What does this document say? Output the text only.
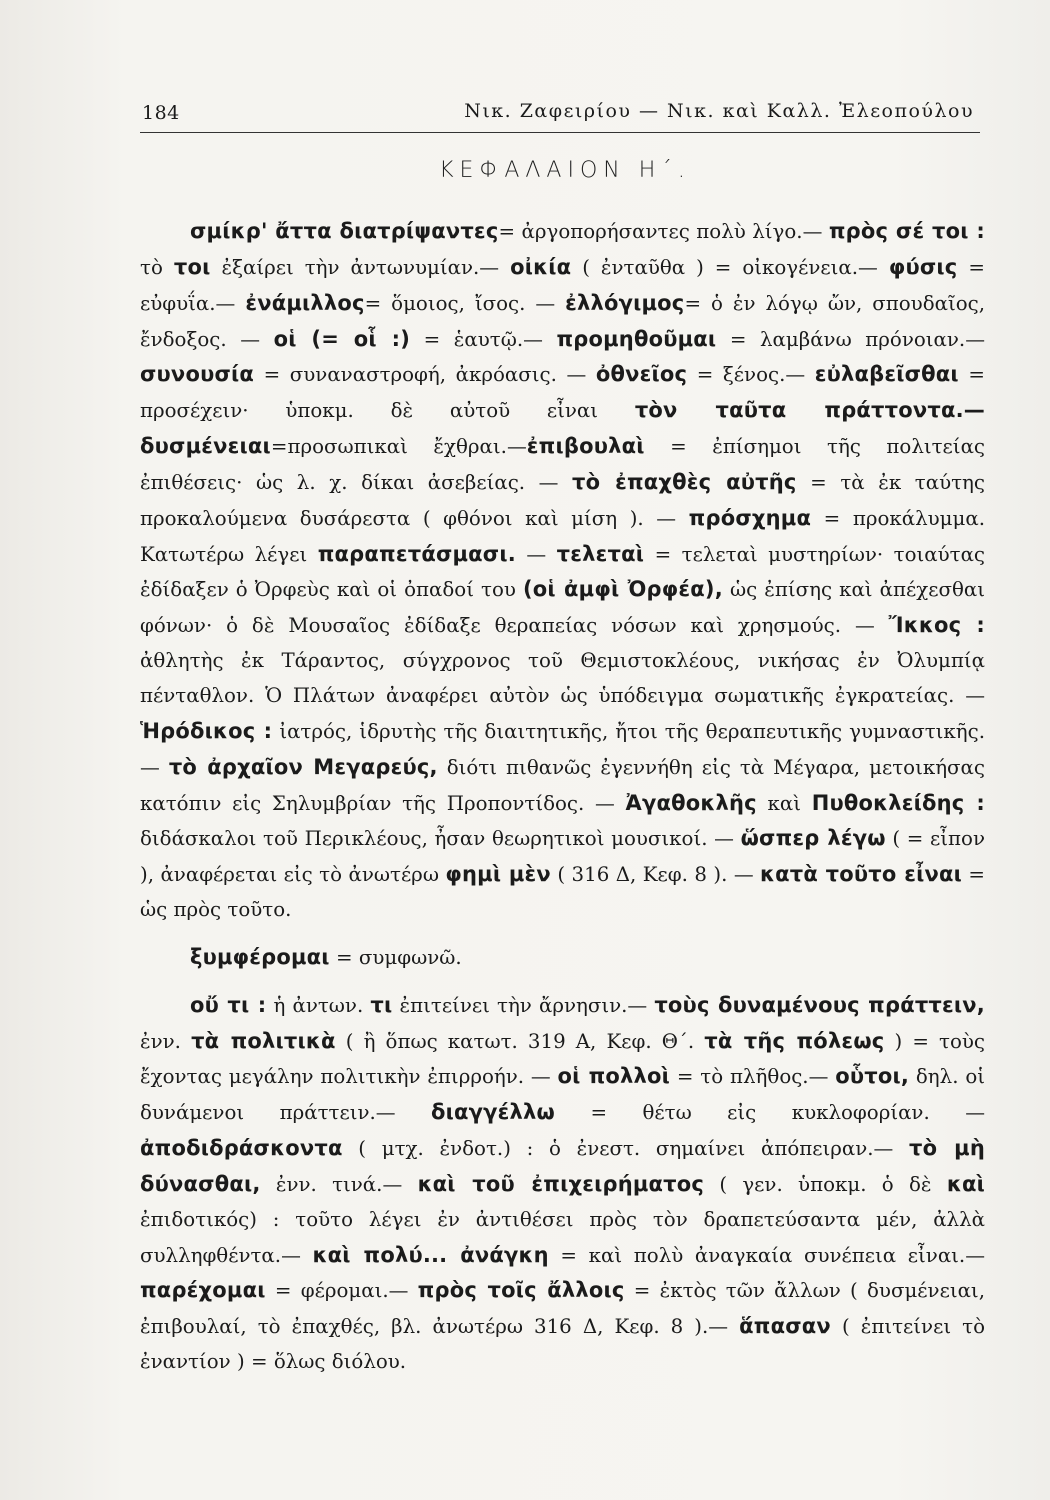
184	Νικ. Ζαφειρίου — Νικ. καὶ Καλλ. Ἐλεοπούλου
ΚΕΦΑΛΑΙΟΝ Η΄.

σμίκρ' ἄττα διατρίψαντες= ἀργοπορήσαντες πολὺ λίγο.— πρὸς σέ τοι : τὸ τοι ἐξαίρει τὴν ἀντωνυμίαν.— οἰκία ( ἐνταῦθα ) = οἰκογένεια.— φύσις = εὐφυΐα.— ἐνάμιλλος= ὅμοιος, ἴσος. — ἐλλόγιμος= ὁ ἐν λόγῳ ὤν, σπουδαῖος, ἔνδοξος. — οἱ (= οἷ :) = ἑαυτῷ.— προμηθοῦμαι = λαμβάνω πρόνοιαν.— συνουσία = συναναστροφή, ἀκρόασις. — ὀθνεῖος = ξένος.— εὐλαβεῖσθαι = προσέχειν· ὑποκμ. δὲ αὐτοῦ εἶναι τὸν ταῦτα πράττοντα.—δυσμένειαι=προσωπικαὶ ἔχθραι.—ἐπιβουλαὶ = ἐπίσημοι τῆς πολιτείας ἐπιθέσεις· ὡς λ. χ. δίκαι ἀσεβείας. — τὸ ἐπαχθὲς αὐτῆς = τὰ ἐκ ταύτης προκαλούμενα δυσάρεστα ( φθόνοι καὶ μίση ). — πρόσχημα = προκάλυμμα. Κατωτέρω λέγει παραπετάσμασι. — τελεταὶ = τελεταὶ μυστηρίων· τοιαύτας ἐδίδαξεν ὁ Ὀρφεὺς καὶ οἱ ὀπαδοί του (οἱ ἀμφὶ Ὀρφέα), ὡς ἐπίσης καὶ ἀπέχεσθαι φόνων· ὁ δὲ Μουσαῖος ἐδίδαξε θεραπείας νόσων καὶ χρησμούς. — Ἴκκος : ἀθλητὴς ἐκ Τάραντος, σύγχρονος τοῦ Θεμιστοκλέους, νικήσας ἐν Ὀλυμπίᾳ πένταθλον. Ὁ Πλάτων ἀναφέρει αὐτὸν ὡς ὑπόδειγμα σωματικῆς ἐγκρατείας. — Ἡρόδικος : ἰατρός, ἱδρυτὴς τῆς διαιτητικῆς, ἤτοι τῆς θεραπευτικῆς γυμναστικῆς. — τὸ ἀρχαῖον Μεγαρεύς, διότι πιθανῶς ἐγεννήθη εἰς τὰ Μέγαρα, μετοικήσας κατόπιν εἰς Σηλυμβρίαν τῆς Προποντίδος. — Ἀγαθοκλῆς καὶ Πυθοκλείδης : διδάσκαλοι τοῦ Περικλέους, ἦσαν θεωρητικοὶ μουσικοί. — ὥσπερ λέγω ( = εἶπον ), ἀναφέρεται εἰς τὸ ἀνωτέρω φημὶ μὲν ( 316 Δ, Κεφ. 8 ). — κατὰ τοῦτο εἶναι = ὡς πρὸς τοῦτο.

ξυμφέρομαι = συμφωνῶ.

οὔ τι : ἡ ἀντων. τι ἐπιτείνει τὴν ἄρνησιν.— τοὺς δυναμένους πράττειν, ἐνν. τὰ πολιτικὰ ( ἢ ὅπως κατωτ. 319 Α, Κεφ. Θ΄. τὰ τῆς πόλεως ) = τοὺς ἔχοντας μεγάλην πολιτικὴν ἐπιρροήν. — οἱ πολλοὶ = τὸ πλῆθος.— οὗτοι, δηλ. οἱ δυνάμενοι πράττειν.— διαγγέλλω = θέτω εἰς κυκλοφορίαν. — ἀποδιδράσκοντα ( μτχ. ἐνδοτ.) : ὁ ἐνεστ. σημαίνει ἀπόπειραν.— τὸ μὴ δύνασθαι, ἐνν. τινά.— καὶ τοῦ ἐπιχειρήματος ( γεν. ὑποκμ. ὁ δὲ καὶ ἐπιδοτικός) : τοῦτο λέγει ἐν ἀντιθέσει πρὸς τὸν δραπετεύσαντα μέν, ἀλλὰ συλληφθέντα.— καὶ πολύ... ἀνάγκη = καὶ πολὺ ἀναγκαία συνέπεια εἶναι.— παρέχομαι = φέρομαι.— πρὸς τοῖς ἄλλοις = ἐκτὸς τῶν ἄλλων ( δυσμένειαι, ἐπιβουλαί, τὸ ἐπαχθές, βλ. ἀνωτέρω 316 Δ, Κεφ. 8 ).— ἅπασαν ( ἐπιτείνει τὸ ἐναντίον ) = ὅλως διόλου.
